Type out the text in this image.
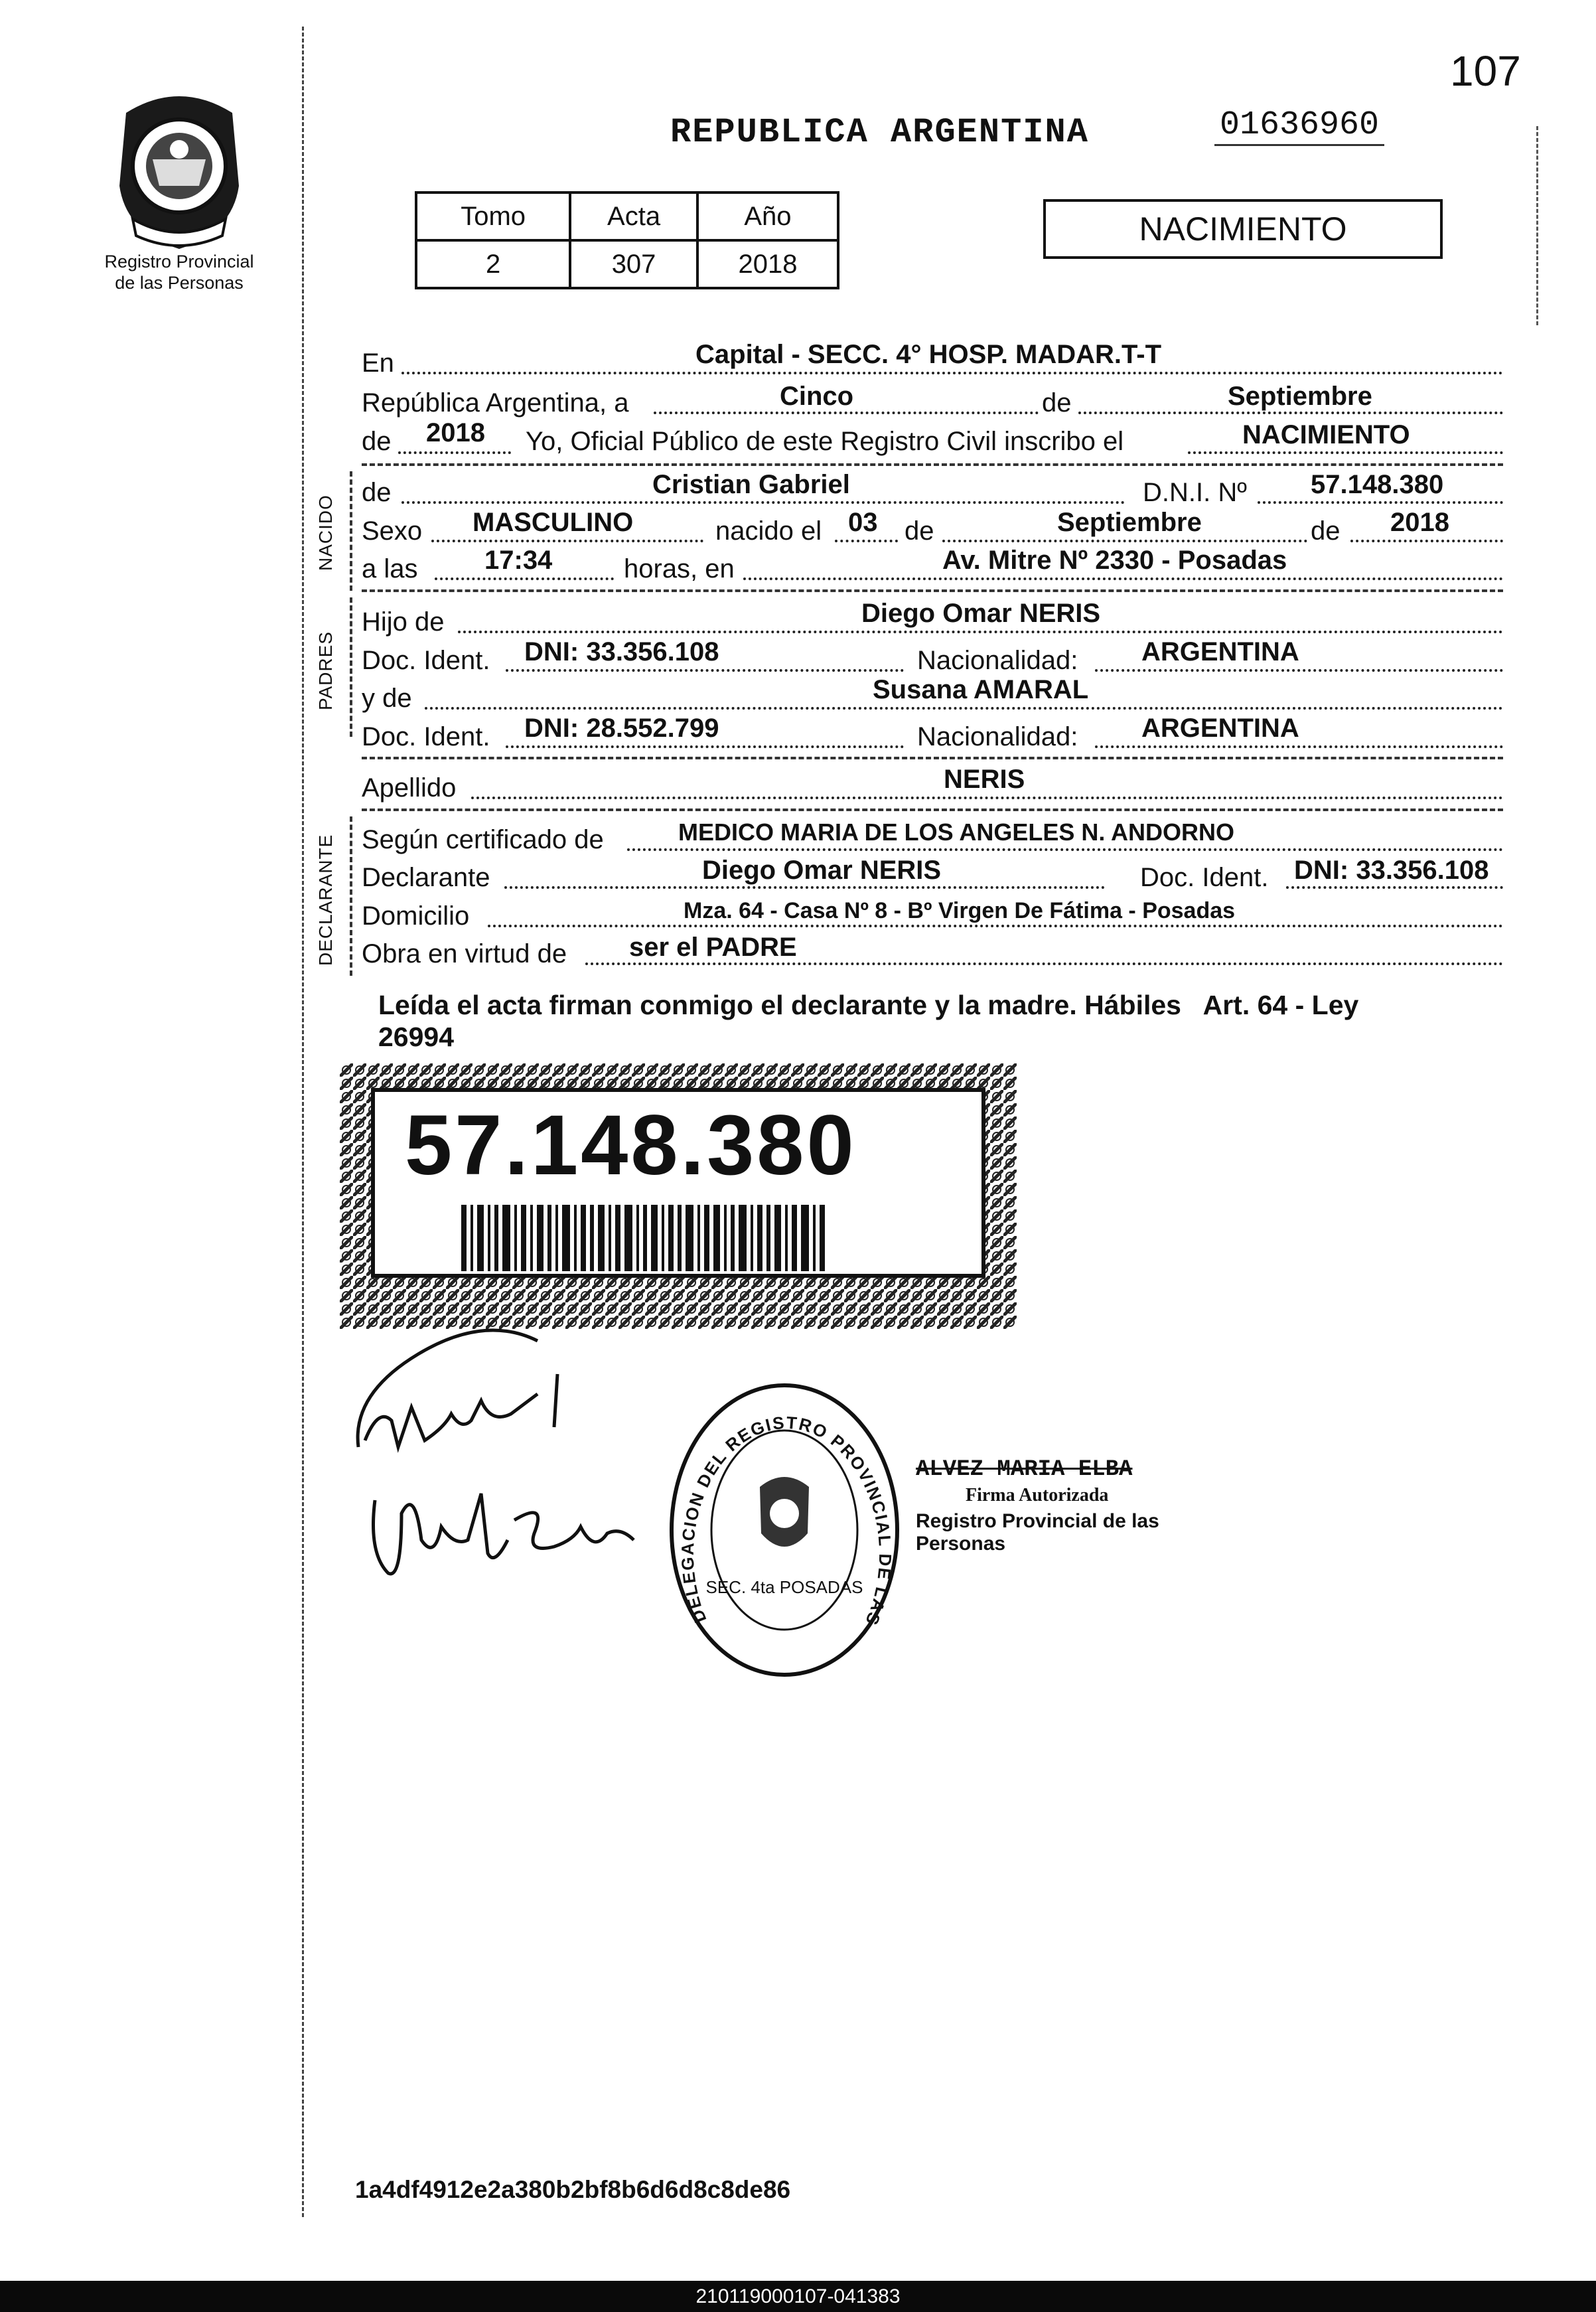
107
Registro Provincial
de las Personas
REPUBLICA ARGENTINA	01636960
Tomo	Acta	Año
2	307	2018
NACIMIENTO
En	Capital - SECC. 4° HOSP. MADAR.T-T
República Argentina, a	Cinco	de	Septiembre
de 2018 Yo, Oficial Público de este Registro Civil inscribo el	NACIMIENTO
NACIDO
de	Cristian Gabriel	D.N.I. Nº 57.148.380
Sexo MASCULINO	nacido el 03 de	Septiembre	de 2018
a las	17:34	horas, en	Av. Mitre Nº 2330 - Posadas
PADRES
Hijo de	Diego Omar NERIS
Doc. Ident. DNI: 33.356.108	Nacionalidad: ARGENTINA
y de	Susana AMARAL
Doc. Ident. DNI: 28.552.799	Nacionalidad: ARGENTINA
Apellido	NERIS
DECLARANTE Según certificado de	MEDICO MARIA DE LOS ANGELES N. ANDORNO
Declarante	Diego Omar NERIS	Doc. Ident. DNI: 33.356.108
Domicilio	Mza. 64 - Casa Nº 8 - Bº Virgen De Fátima - Posadas
Obra en virtud de ser el PADRE
Leída el acta firman conmigo el declarante y la madre. Hábiles   Art. 64 - Ley
26994
57.148.380
DELEGACION DEL REGISTRO PROVINCIAL DE LAS
SEC. 4ta POSADAS
ALVEZ MARIA ELBA
Firma Autorizada
Registro Provincial de las Personas
1a4df4912e2a380b2bf8b6d6d8c8de86
210119000107-041383
